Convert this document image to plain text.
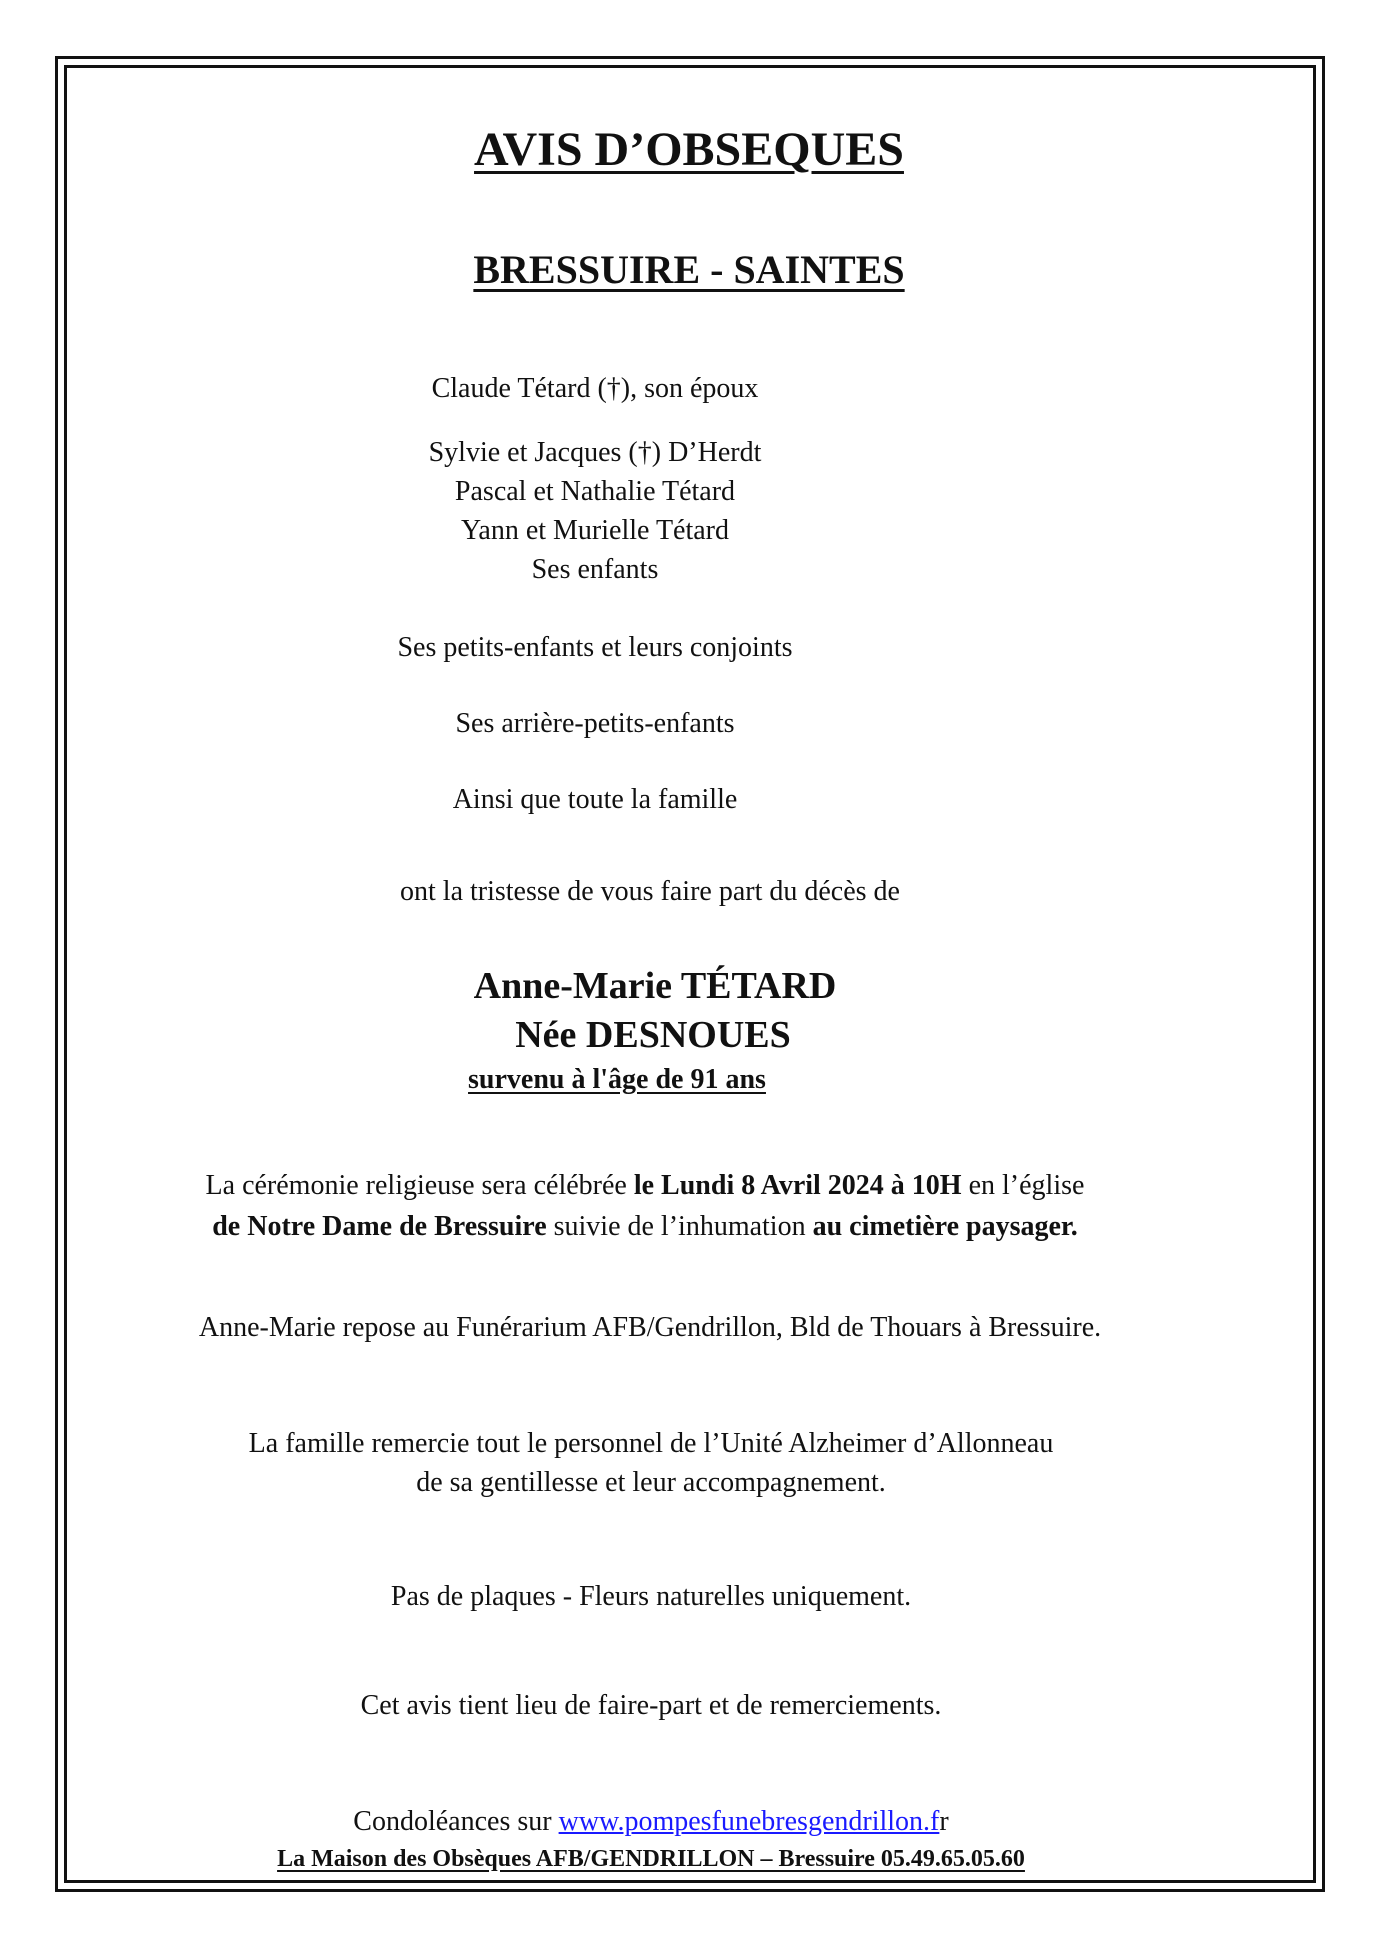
AVIS D’OBSEQUES
BRESSUIRE - SAINTES
Claude Tétard (†), son époux
Sylvie et Jacques (†) D’Herdt
Pascal et Nathalie Tétard
Yann et Murielle Tétard
Ses enfants
Ses petits-enfants et leurs conjoints
Ses arrière-petits-enfants
Ainsi que toute la famille
ont la tristesse de vous faire part du décès de
Anne-Marie TÉTARD
Née DESNOUES
survenu à l'âge de 91 ans
La cérémonie religieuse sera célébrée le Lundi 8 Avril 2024 à 10H en l’église
de Notre Dame de Bressuire suivie de l’inhumation au cimetière paysager.
Anne-Marie repose au Funérarium AFB/Gendrillon, Bld de Thouars à Bressuire.
La famille remercie tout le personnel de l’Unité Alzheimer d’Allonneau
de sa gentillesse et leur accompagnement.
Pas de plaques - Fleurs naturelles uniquement.
Cet avis tient lieu de faire-part et de remerciements.
Condoléances sur www.pompesfunebresgendrillon.fr
La Maison des Obsèques AFB/GENDRILLON – Bressuire 05.49.65.05.60
